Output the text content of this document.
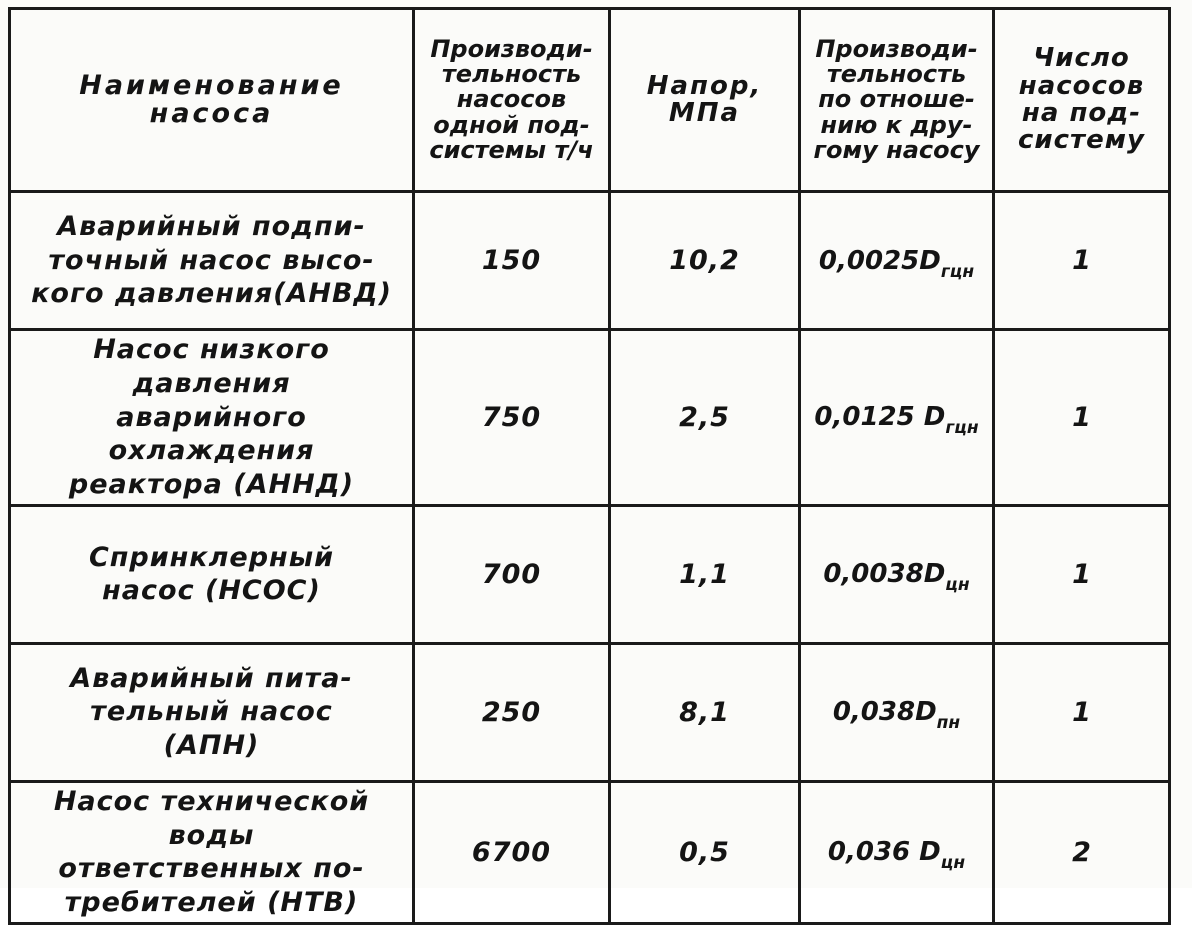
Наименование
насоса	Производи-
тельность
насосов
одной под-
системы т/ч	Напор,
МПа	Производи-
тельность
по отноше-
нию к дру-
гому насосу	Число
насосов
на под-
систему
Аварийный подпи-
точный насос высо-
кого давления(АНВД)	150	10,2	$0,0025D_{гцн}$	1
Насос низкого давления
аварийного охлаждения
реактора (АННД)	750	2,5	0,0125 $D_{гцн}$	1
Спринклерный
насос (НСОС)	700	1,1	$0,0038D_{цн}$	1
Аварийный пита-
тельный насос
(АПН)	250	8,1	$0,038D_{пн}$	1
Насос технической воды
ответственных по-
требителей (НТВ)	6700	0,5	0,036 $D_{цн}$	2
